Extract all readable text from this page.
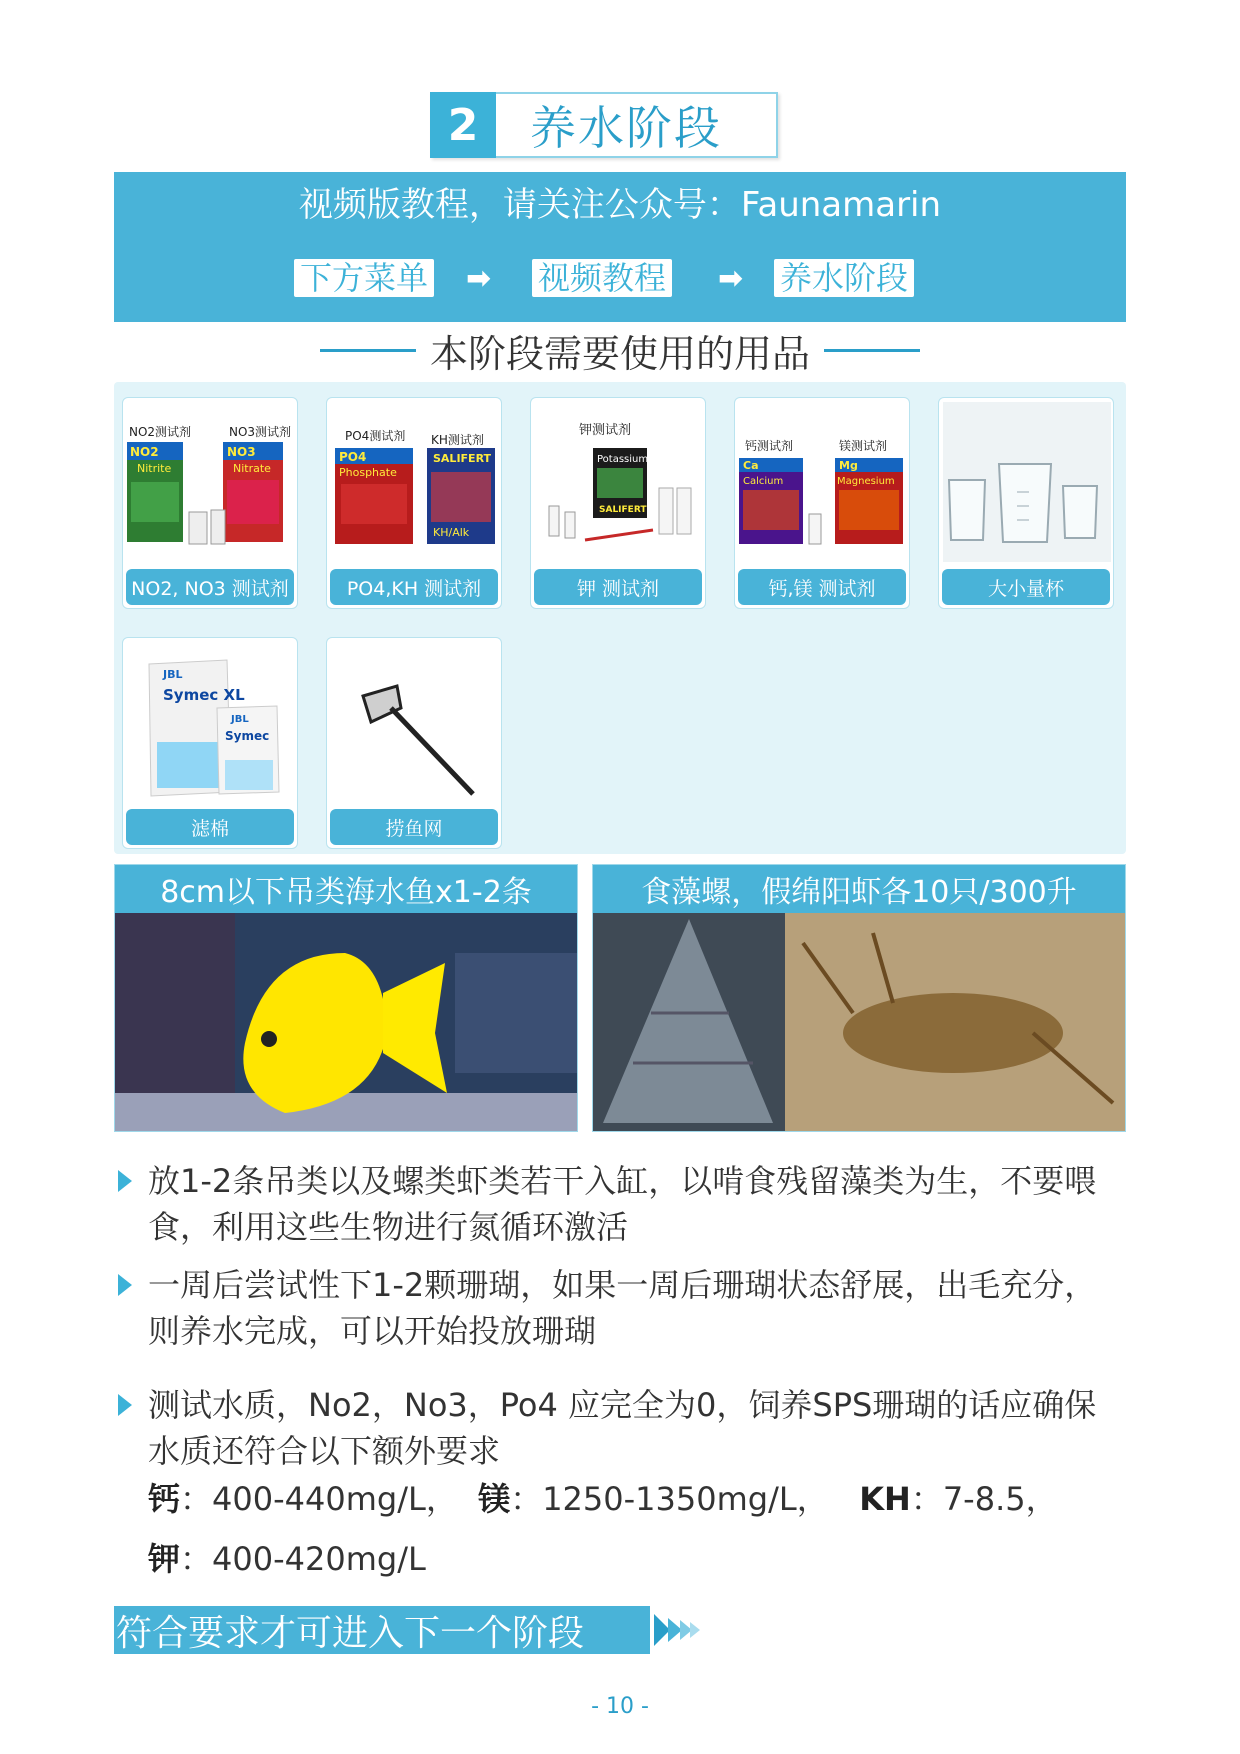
2	养水阶段
视频版教程，请关注公众号：Faunamarin
下方菜单 ➡ 视频教程 ➡ 养水阶段
本阶段需要使用的用品
NO2测试剂	NO3测试剂
NO2
Nitrite
NO3
Nitrate
NO2, NO3 测试剂
PO4测试剂 KH测试剂
PO4
Phosphate
SALIFERT
KH/Alk
PO4,KH 测试剂
钾测试剂
Potassium
SALIFERT
钾 测试剂
钙测试剂	镁测试剂
Ca
Calcium
Mg
Magnesium
钙,镁 测试剂	大小量杯
JBL
Symec XL
JBL
Symec
滤棉	捞鱼网
8cm以下吊类海水鱼x1-2条	食藻螺，假绵阳虾各10只/300升
放1-2条吊类以及螺类虾类若干入缸，以啃食残留藻类为生，不要喂
食，利用这些生物进行氮循环激活
一周后尝试性下1-2颗珊瑚，如果一周后珊瑚状态舒展，出毛充分，
则养水完成，可以开始投放珊瑚
测试水质，No2，No3，Po4 应完全为0，饲养SPS珊瑚的话应确保
水质还符合以下额外要求
钙：400-440mg/L， 镁：1250-1350mg/L， KH：7-8.5，
钾：400-420mg/L
符合要求才可进入下一个阶段
- 10 -
